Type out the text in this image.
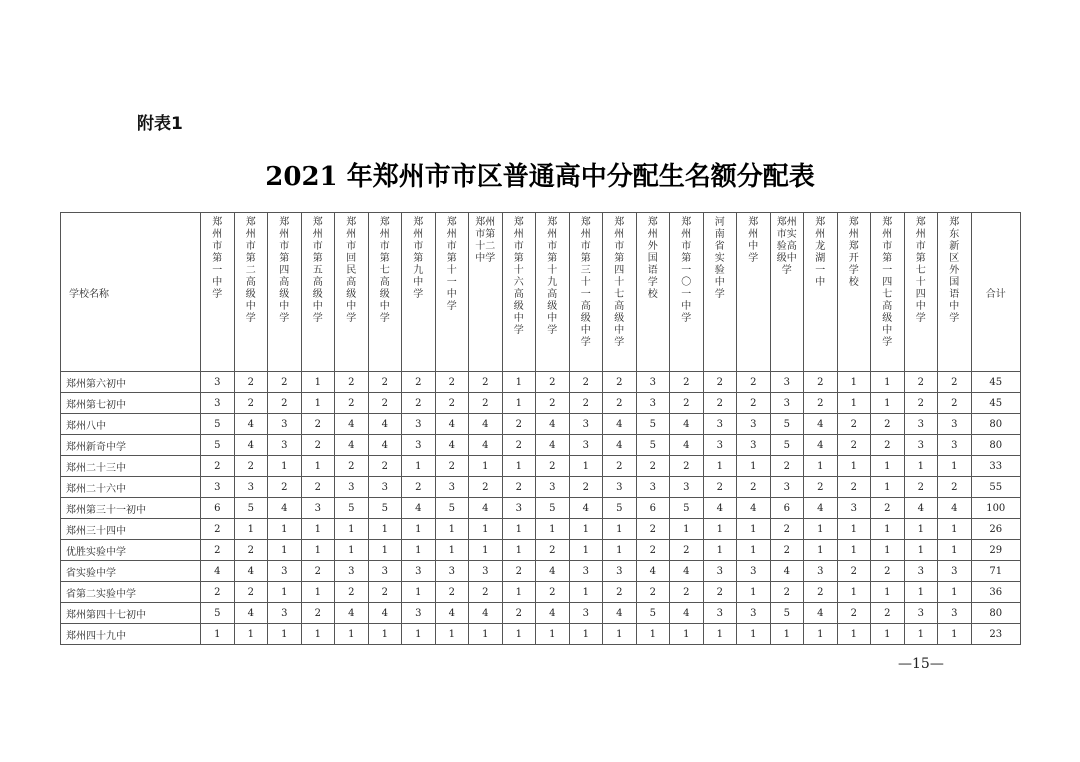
附表1
2021 年郑州市市区普通高中分配生名额分配表
学校名称	郑州市第一中学	郑州市第二高级中学	郑州市第四高级中学	郑州市第五高级中学	郑州市回民高级中学	郑州市第七高级中学	郑州市第九中学	郑州市第十一中学	郑州市第十二中学	郑州市第十六高级中学	郑州市第十九高级中学	郑州市第三十一高级中学	郑州市第四十七高级中学	郑州外国语学校	郑州市第一〇一中学	河南省实验中学	郑州中学	郑州市实验高级中学	郑州龙湖一中	郑州郑开学校	郑州市第一四七高级中学	郑州市第七十四中学	郑东新区外国语中学	合计
郑州第六初中	3	2	2	1	2	2	2	2	2	1	2	2	2	3	2	2	2	3	2	1	1	2	2	45
郑州第七初中	3	2	2	1	2	2	2	2	2	1	2	2	2	3	2	2	2	3	2	1	1	2	2	45
郑州八中	5	4	3	2	4	4	3	4	4	2	4	3	4	5	4	3	3	5	4	2	2	3	3	80
郑州新奇中学	5	4	3	2	4	4	3	4	4	2	4	3	4	5	4	3	3	5	4	2	2	3	3	80
郑州二十三中	2	2	1	1	2	2	1	2	1	1	2	1	2	2	2	1	1	2	1	1	1	1	1	33
郑州二十六中	3	3	2	2	3	3	2	3	2	2	3	2	3	3	3	2	2	3	2	2	1	2	2	55
郑州第三十一初中	6	5	4	3	5	5	4	5	4	3	5	4	5	6	5	4	4	6	4	3	2	4	4	100
郑州三十四中	2	1	1	1	1	1	1	1	1	1	1	1	1	2	1	1	1	2	1	1	1	1	1	26
优胜实验中学	2	2	1	1	1	1	1	1	1	1	2	1	1	2	2	1	1	2	1	1	1	1	1	29
省实验中学	4	4	3	2	3	3	3	3	3	2	4	3	3	4	4	3	3	4	3	2	2	3	3	71
省第二实验中学	2	2	1	1	2	2	1	2	2	1	2	1	2	2	2	2	1	2	2	1	1	1	1	36
郑州第四十七初中	5	4	3	2	4	4	3	4	4	2	4	3	4	5	4	3	3	5	4	2	2	3	3	80
郑州四十九中	1	1	1	1	1	1	1	1	1	1	1	1	1	1	1	1	1	1	1	1	1	1	1	23
—15—
